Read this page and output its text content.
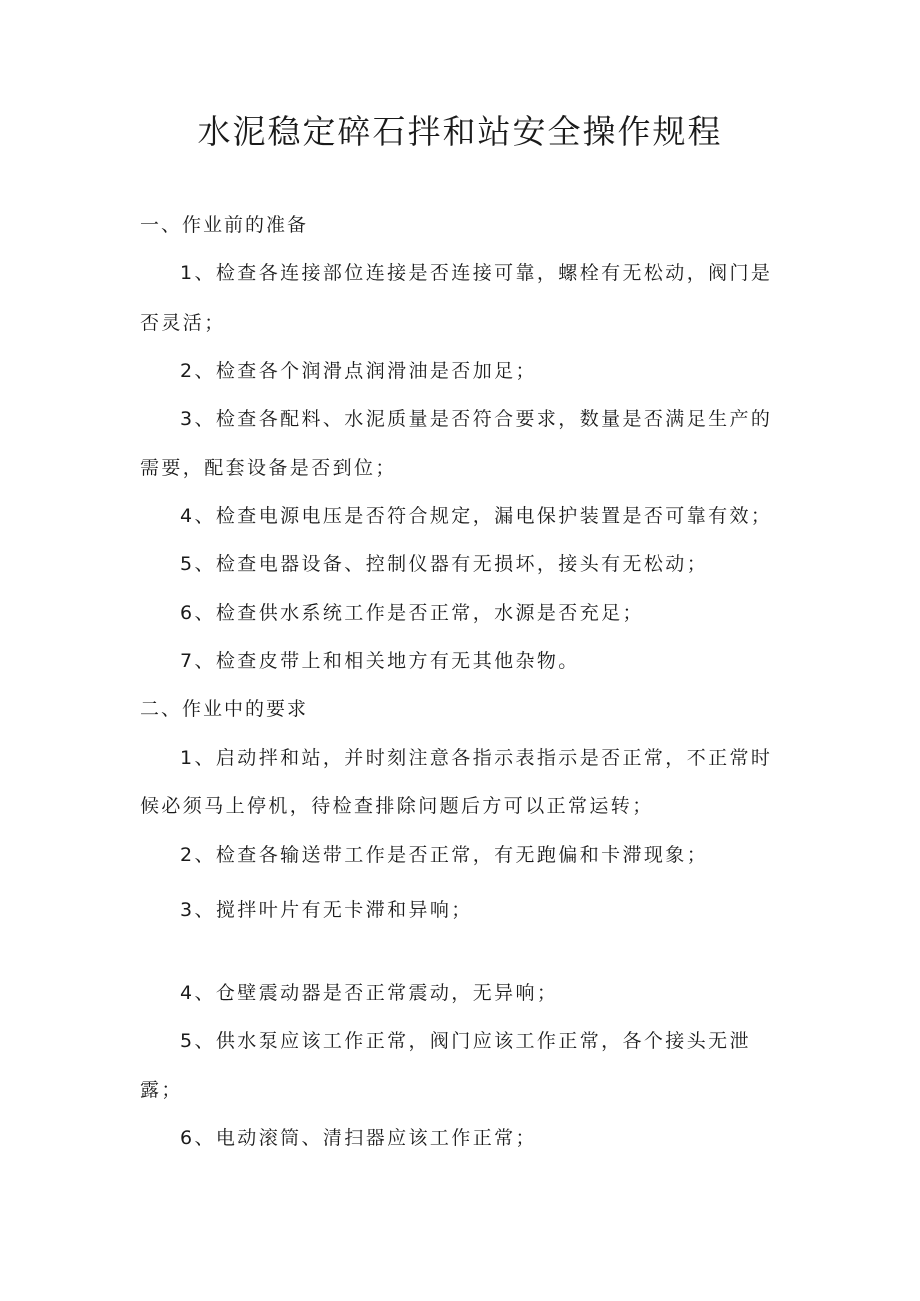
水泥稳定碎石拌和站安全操作规程
一、作业前的准备
1、检查各连接部位连接是否连接可靠，螺栓有无松动，阀门是
否灵活；
2、检查各个润滑点润滑油是否加足；
3、检查各配料、水泥质量是否符合要求，数量是否满足生产的
需要，配套设备是否到位；
4、检查电源电压是否符合规定，漏电保护装置是否可靠有效；
5、检查电器设备、控制仪器有无损坏，接头有无松动；
6、检查供水系统工作是否正常，水源是否充足；
7、检查皮带上和相关地方有无其他杂物。
二、作业中的要求
1、启动拌和站，并时刻注意各指示表指示是否正常，不正常时
候必须马上停机，待检查排除问题后方可以正常运转；
2、检查各输送带工作是否正常，有无跑偏和卡滞现象；
3、搅拌叶片有无卡滞和异响；
4、仓壁震动器是否正常震动，无异响；
5、供水泵应该工作正常，阀门应该工作正常，各个接头无泄
露；
6、电动滚筒、清扫器应该工作正常；
